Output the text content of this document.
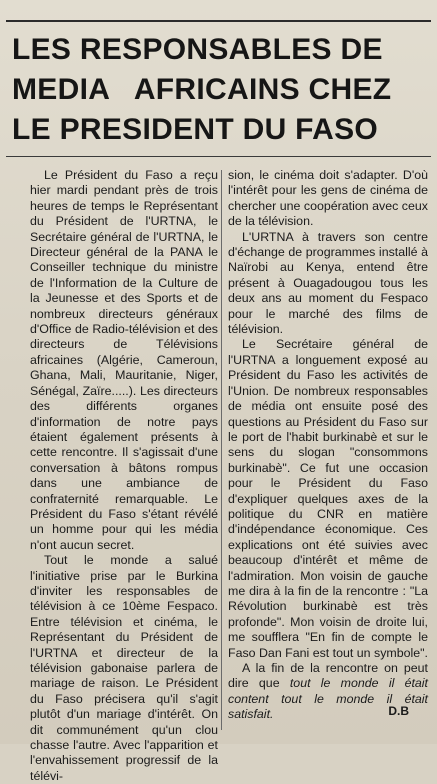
LES RESPONSABLES DE
MEDIA   AFRICAINS CHEZ
LE PRESIDENT DU FASO

Le Président du Faso a reçu hier mardi pendant près de trois heures de temps le Représentant du Président de l'URTNA, le Secrétaire général de l'URTNA, le Directeur général de la PANA le Conseiller technique du ministre de l'Information de la Culture de la Jeunesse et des Sports et de nombreux directeurs généraux d'Office de Radio-télévision et des directeurs de Télévisions africaines (Algérie, Cameroun, Ghana, Mali, Mauritanie, Niger, Sénégal, Zaïre.....). Les directeurs des différents organes d'information de notre pays étaient également présents à cette rencontre. Il s'agissait d'une conversation à bâtons rompus dans une ambiance de confraternité remarquable. Le Président du Faso s'étant révélé un homme pour qui les média n'ont aucun secret.

Tout le monde a salué l'initiative prise par le Burkina d'inviter les responsables de télévision à ce 10ème Fespaco. Entre télévision et cinéma, le Représentant du Président de l'URTNA et directeur de la télévision gabonaise parlera de mariage de raison. Le Président du Faso précisera qu'il s'agit plutôt d'un mariage d'intérêt. On dit communément qu'un clou chasse l'autre. Avec l'apparition et l'envahissement progressif de la télévi-

sion, le cinéma doit s'adapter. D'où l'intérêt pour les gens de cinéma de chercher une coopération avec ceux de la télévision.

L'URTNA à travers son centre d'échange de programmes installé à Naïrobi au Kenya, entend être présent à Ouagadougou tous les deux ans au moment du Fespaco pour le marché des films de télévision.

Le Secrétaire général de l'URTNA a longuement exposé au Président du Faso les activités de l'Union. De nombreux responsables de média ont ensuite posé des questions au Président du Faso sur le port de l'habit burkinabè et sur le sens du slogan "consommons burkinabè". Ce fut une occasion pour le Président du Faso d'expliquer quelques axes de la politique du CNR en matière d'indépendance économique. Ces explications ont été suivies avec beaucoup d'intérêt et même de l'admiration. Mon voisin de gauche me dira à la fin de la rencontre : "La Révolution burkinabè est très profonde". Mon voisin de droite lui, me soufflera "En fin de compte le Faso Dan Fani est tout un symbole".

A la fin de la rencontre on peut dire que tout le monde il était content tout le monde il était satisfait.	D.B
